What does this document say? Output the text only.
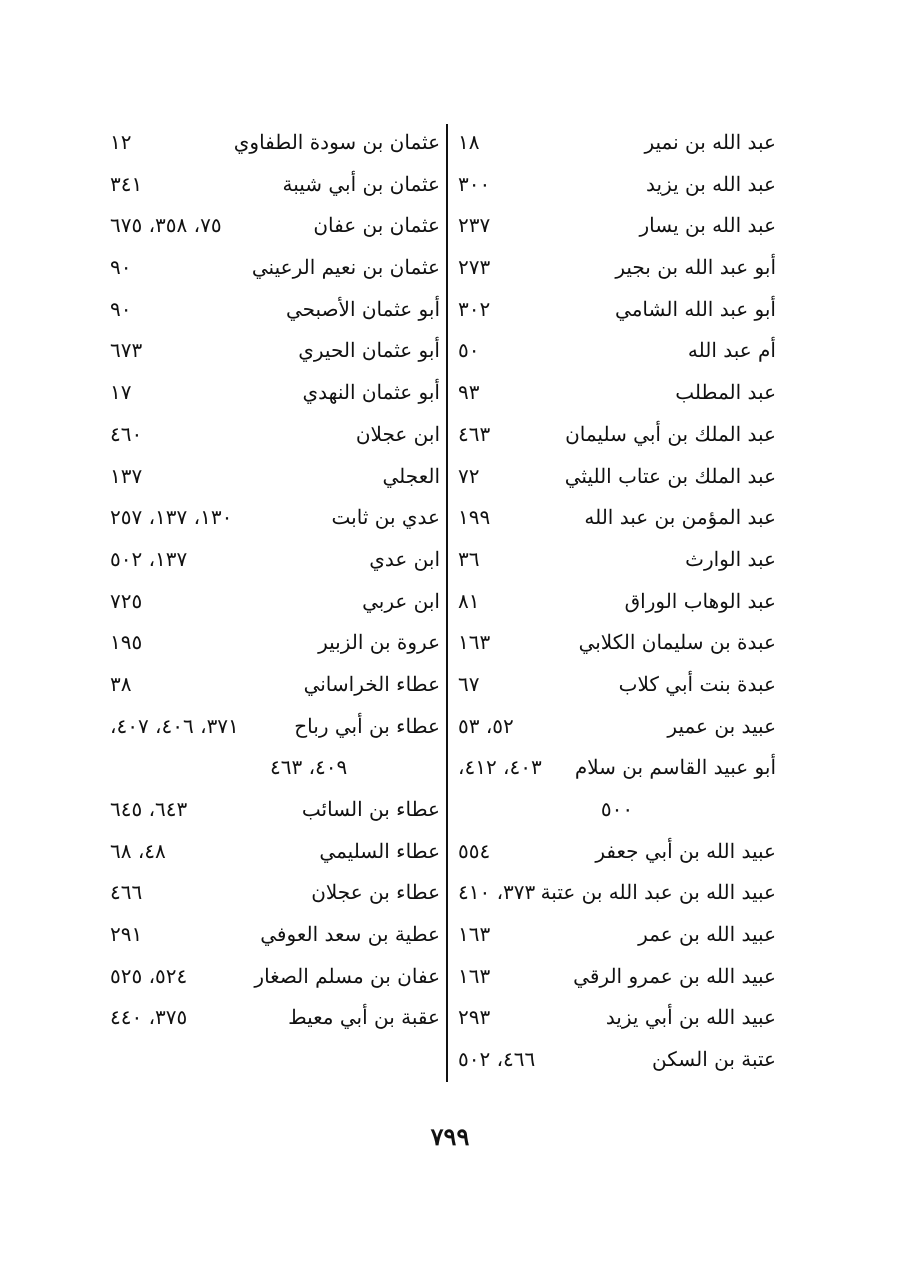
عبد الله بن نمير
١٨
عبد الله بن يزيد
٣٠٠
عبد الله بن يسار
٢٣٧
أبو عبد الله بن بجير
٢٧٣
أبو عبد الله الشامي
٣٠٢
أم عبد الله
٥٠
عبد المطلب
٩٣
عبد الملك بن أبي سليمان
٤٦٣
عبد الملك بن عتاب الليثي
٧٢
عبد المؤمن بن عبد الله
١٩٩
عبد الوارث
٣٦
عبد الوهاب الوراق
٨١
عبدة بن سليمان الكلابي
١٦٣
عبدة بنت أبي كلاب
٦٧
عبيد بن عمير
٥٢، ٥٣
أبو عبيد القاسم بن سلام
٤٠٣، ٤١٢،
٥٠٠
عبيد الله بن أبي جعفر
٥٥٤
عبيد الله بن عبد الله بن عتبة
٣٧٣، ٤١٠
عبيد الله بن عمر
١٦٣
عبيد الله بن عمرو الرقي
١٦٣
عبيد الله بن أبي يزيد
٢٩٣
عتبة بن السكن
٤٦٦، ٥٠٢
عثمان بن سودة الطفاوي
١٢
عثمان بن أبي شيبة
٣٤١
عثمان بن عفان
٧٥، ٣٥٨، ٦٧٥
عثمان بن نعيم الرعيني
٩٠
أبو عثمان الأصبحي
٩٠
أبو عثمان الحيري
٦٧٣
أبو عثمان النهدي
١٧
ابن عجلان
٤٦٠
العجلي
١٣٧
عدي بن ثابت
١٣٠، ١٣٧، ٢٥٧
ابن عدي
١٣٧، ٥٠٢
ابن عربي
٧٢٥
عروة بن الزبير
١٩٥
عطاء الخراساني
٣٨
عطاء بن أبي رباح
٣٧١، ٤٠٦، ٤٠٧،
٤٠٩، ٤٦٣
عطاء بن السائب
٦٤٣، ٦٤٥
عطاء السليمي
٤٨، ٦٨
عطاء بن عجلان
٤٦٦
عطية بن سعد العوفي
٢٩١
عفان بن مسلم الصغار
٥٢٤، ٥٢٥
عقبة بن أبي معيط
٣٧٥، ٤٤٠
٧٩٩
